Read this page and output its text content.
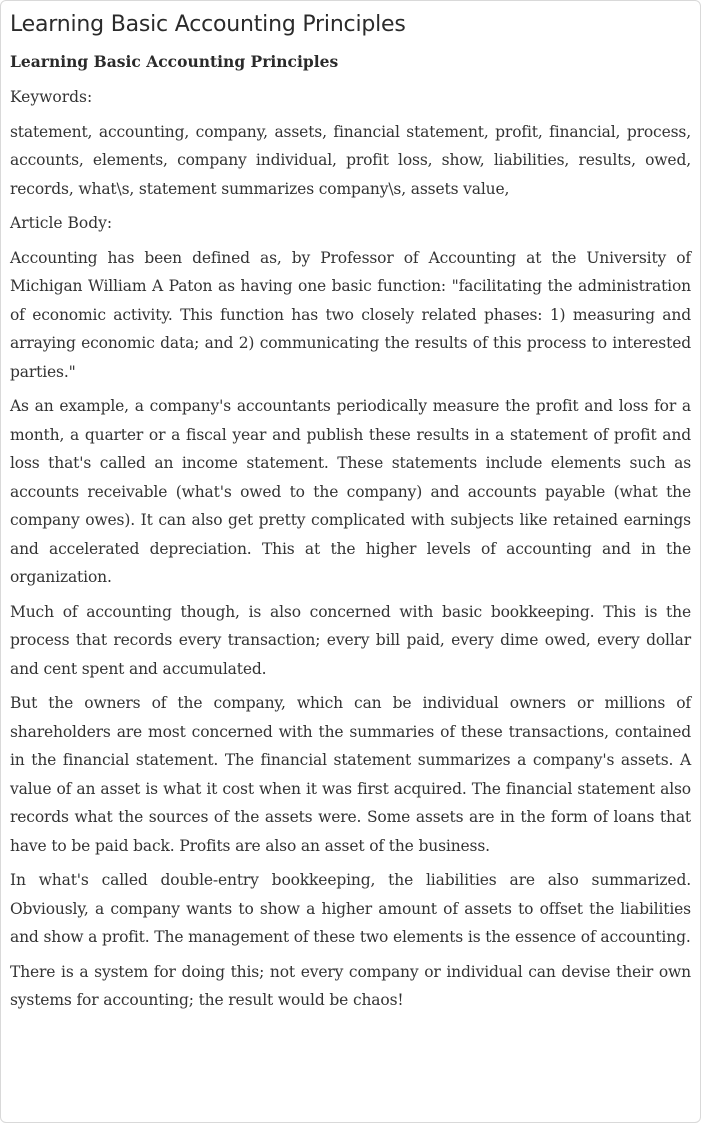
Learning Basic Accounting Principles
Learning Basic Accounting Principles
Keywords:
statement, accounting, company, assets, financial statement, profit, financial, process, accounts, elements, company individual, profit loss, show, liabilities, results, owed, records, what\s, statement summarizes company\s, assets value,
Article Body:

Accounting has been defined as, by Professor of Accounting at the University of Michigan William A Paton as having one basic function: "facilitating the administration of economic activity. This function has two closely related phases: 1) measuring and arraying economic data; and 2) communicating the results of this process to interested parties."

As an example, a company's accountants periodically measure the profit and loss for a month, a quarter or a fiscal year and publish these results in a statement of profit and loss that's called an income statement. These statements include elements such as accounts receivable (what's owed to the company) and accounts payable (what the company owes). It can also get pretty complicated with subjects like retained earnings and accelerated depreciation. This at the higher levels of accounting and in the organization.

Much of accounting though, is also concerned with basic bookkeeping. This is the process that records every transaction; every bill paid, every dime owed, every dollar and cent spent and accumulated.

But the owners of the company, which can be individual owners or millions of shareholders are most concerned with the summaries of these transactions, contained in the financial statement. The financial statement summarizes a company's assets. A value of an asset is what it cost when it was first acquired. The financial statement also records what the sources of the assets were. Some assets are in the form of loans that have to be paid back. Profits are also an asset of the business.

In what's called double-entry bookkeeping, the liabilities are also summarized. Obviously, a company wants to show a higher amount of assets to offset the liabilities and show a profit. The management of these two elements is the essence of accounting.

There is a system for doing this; not every company or individual can devise their own systems for accounting; the result would be chaos!
